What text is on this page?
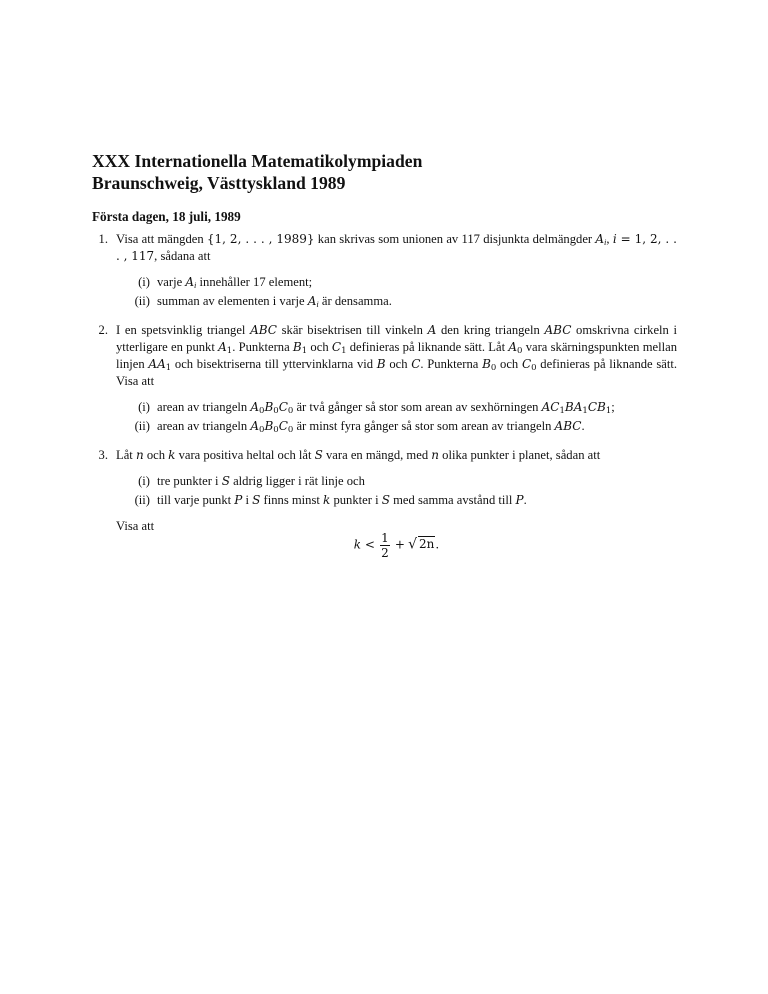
XXX Internationella Matematikolympiaden
Braunschweig, Västtyskland 1989
Första dagen, 18 juli, 1989
1. Visa att mängden {1, 2, . . . , 1989} kan skrivas som unionen av 117 disjunkta delmängder $A_i$, i = 1, 2, . . . , 117, sådana att
(i) varje $A_i$ innehåller 17 element;
(ii) summan av elementen i varje $A_i$ är densamma.
2. I en spetsvinklig triangel ABC skär bisektrisen till vinkeln A den kring triangeln ABC omskrivna cirkeln i ytterligare en punkt $A_1$. Punkterna $B_1$ och $C_1$ definieras på liknande sätt. Låt $A_0$ vara skärningspunkten mellan linjen $AA_1$ och bisektriserna till yttervinklarna vid B och C. Punkterna $B_0$ och $C_0$ definieras på liknande sätt. Visa att
(i) arean av triangeln $A_0B_0C_0$ är två gånger så stor som arean av sexhörningen $AC_1BA_1CB_1$;
(ii) arean av triangeln $A_0B_0C_0$ är minst fyra gånger så stor som arean av triangeln ABC.
3. Låt n och k vara positiva heltal och låt S vara en mängd, med n olika punkter i planet, sådan att
(i) tre punkter i S aldrig ligger i rät linje och
(ii) till varje punkt P i S finns minst k punkter i S med samma avstånd till P.
Visa att
$k < \frac{1}{2}$ + √ 2n.
